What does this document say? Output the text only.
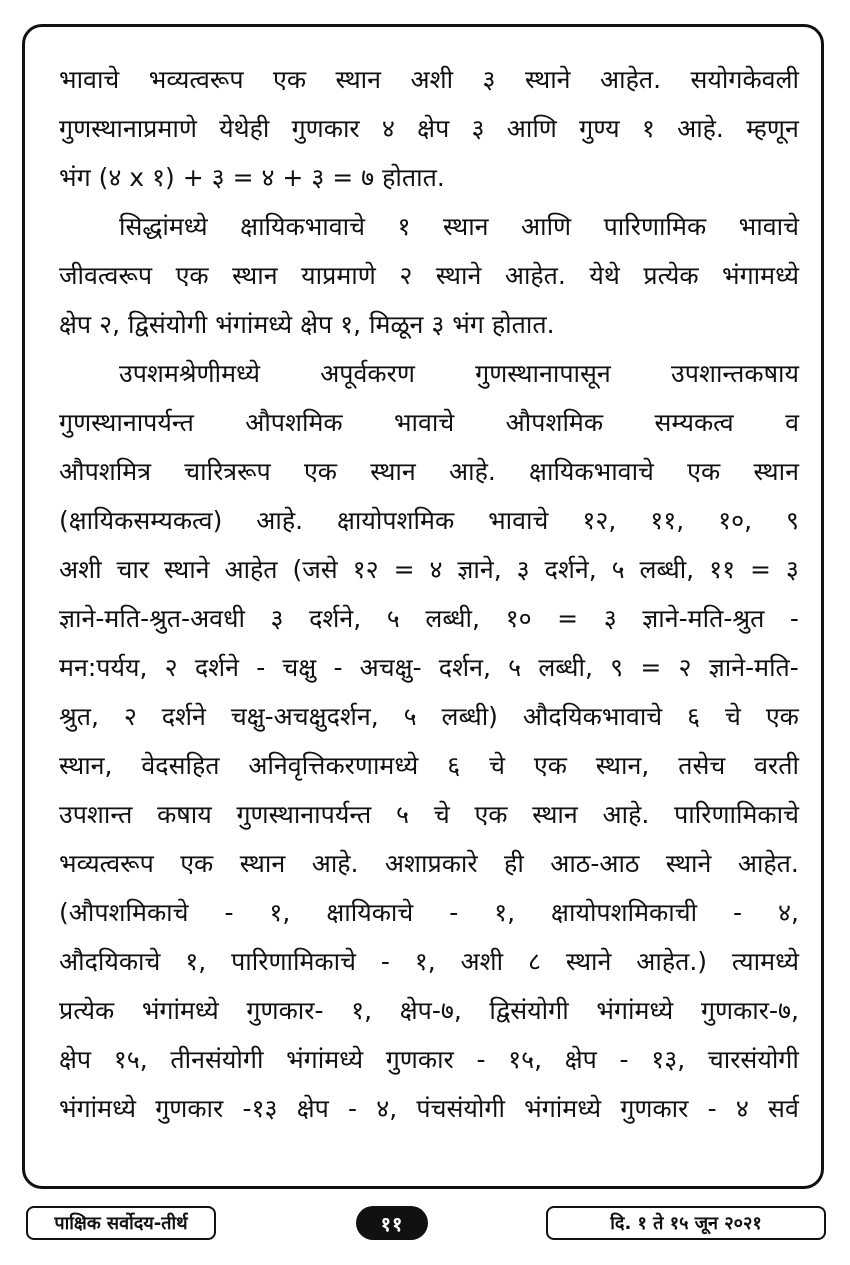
भावाचे भव्यत्वरूप एक स्थान अशी ३ स्थाने आहेत. सयोगकेवली
गुणस्थानाप्रमाणे येथेही गुणकार ४ क्षेप ३ आणि गुण्य १ आहे. म्हणून
भंग (४ x १) + ३ = ४ + ३ = ७ होतात.
सिद्धांमध्ये क्षायिकभावाचे १ स्थान आणि पारिणामिक भावाचे
जीवत्वरूप एक स्थान याप्रमाणे २ स्थाने आहेत. येथे प्रत्येक भंगामध्ये
क्षेप २, द्विसंयोगी भंगांमध्ये क्षेप १, मिळून ३ भंग होतात.
उपशमश्रेणीमध्ये अपूर्वकरण गुणस्थानापासून उपशान्तकषाय
गुणस्थानापर्यन्त औपशमिक भावाचे औपशमिक सम्यकत्व व
औपशमित्र चारित्ररूप एक स्थान आहे. क्षायिकभावाचे एक स्थान
(क्षायिकसम्यकत्व) आहे. क्षायोपशमिक भावाचे १२, ११, १०, ९
अशी चार स्थाने आहेत (जसे १२ = ४ ज्ञाने, ३ दर्शने, ५ लब्धी, ११ = ३
ज्ञाने-मति-श्रुत-अवधी ३ दर्शने, ५ लब्धी, १० = ३ ज्ञाने-मति-श्रुत -
मन:पर्यय, २ दर्शने - चक्षु - अचक्षु- दर्शन, ५ लब्धी, ९ = २ ज्ञाने-मति-
श्रुत, २ दर्शने चक्षु-अचक्षुदर्शन, ५ लब्धी) औदयिकभावाचे ६ चे एक
स्थान, वेदसहित अनिवृत्तिकरणामध्ये ६ चे एक स्थान, तसेच वरती
उपशान्त कषाय गुणस्थानापर्यन्त ५ चे एक स्थान आहे. पारिणामिकाचे
भव्यत्वरूप एक स्थान आहे. अशाप्रकारे ही आठ-आठ स्थाने आहेत.
(औपशमिकाचे - १, क्षायिकाचे - १, क्षायोपशमिकाची - ४,
औदयिकाचे १, पारिणामिकाचे - १, अशी ८ स्थाने आहेत.) त्यामध्ये
प्रत्येक भंगांमध्ये गुणकार- १, क्षेप-७, द्विसंयोगी भंगांमध्ये गुणकार-७,
क्षेप १५, तीनसंयोगी भंगांमध्ये गुणकार - १५, क्षेप - १३, चारसंयोगी
भंगांमध्ये गुणकार -१३ क्षेप - ४, पंचसंयोगी भंगांमध्ये गुणकार - ४ सर्व
पाक्षिक सर्वोदय-तीर्थ	११	दि. १ ते १५ जून २०२१
